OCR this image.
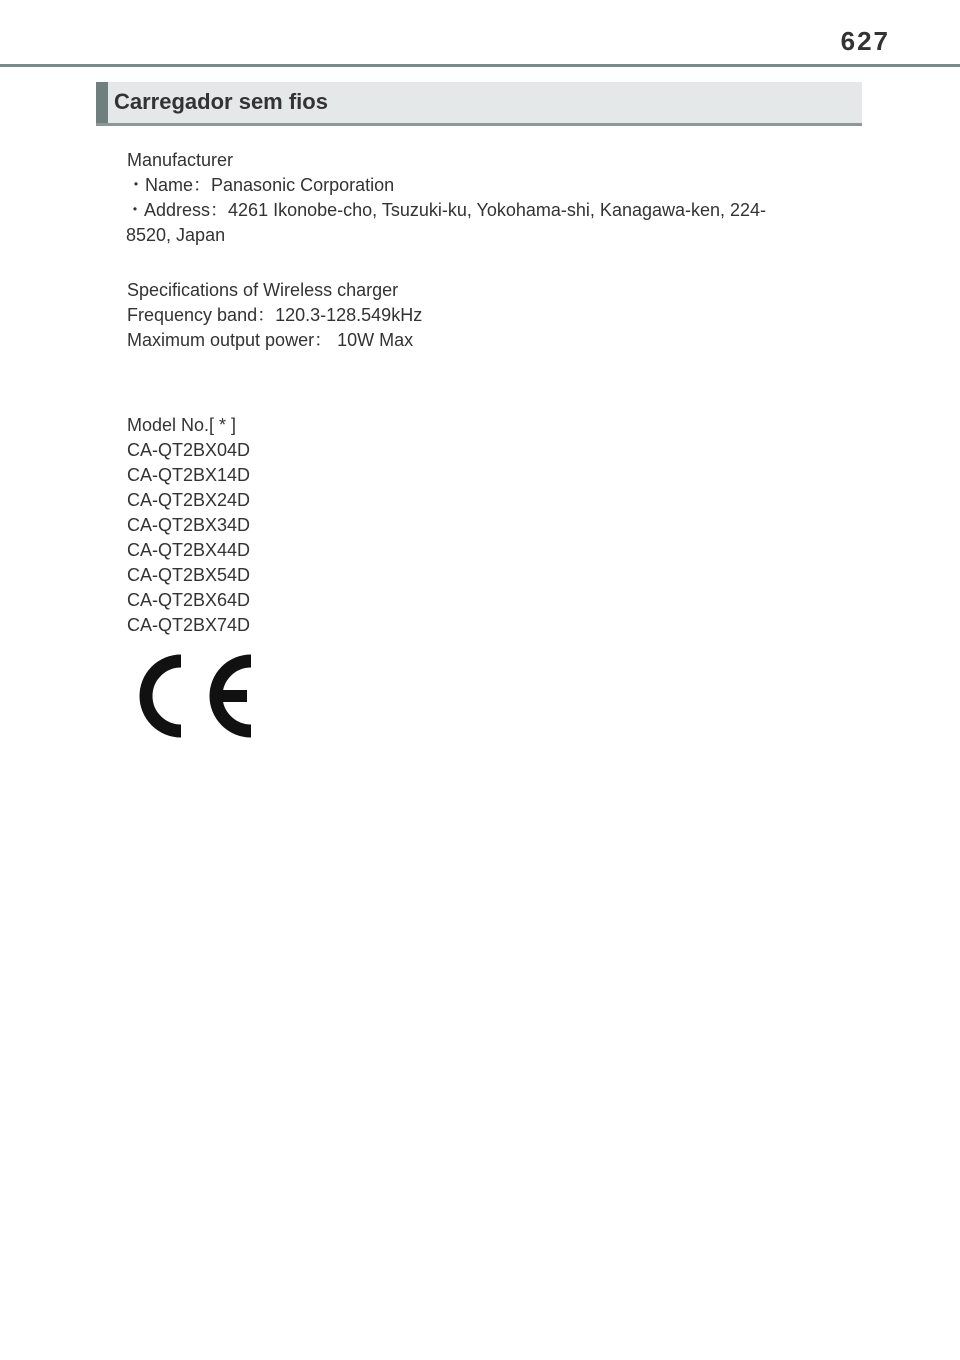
627
Carregador sem fios
Manufacturer
・Name：Panasonic Corporation
・Address：4261 Ikonobe-cho, Tsuzuki-ku, Yokohama-shi, Kanagawa-ken, 224-8520, Japan
Specifications of Wireless charger
Frequency band：120.3-128.549kHz
Maximum output power： 10W Max
Model No.[ * ]
CA-QT2BX04D
CA-QT2BX14D
CA-QT2BX24D
CA-QT2BX34D
CA-QT2BX44D
CA-QT2BX54D
CA-QT2BX64D
CA-QT2BX74D
